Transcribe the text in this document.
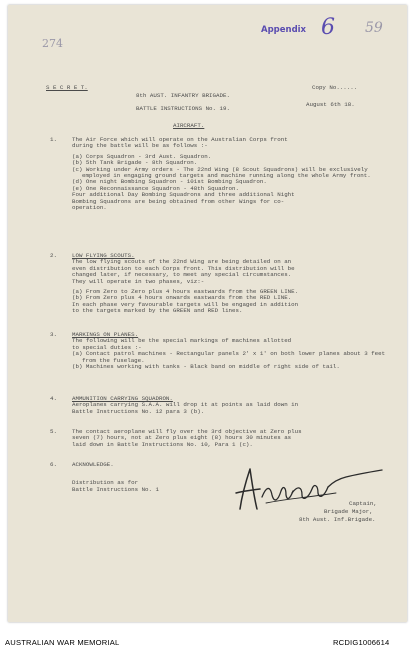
274
Appendix 6 59
S E C R E T.	Copy No......
8th AUST. INFANTRY BRIGADE.
August 6th 18.
BATTLE INSTRUCTIONS No. 19.
AIRCRAFT.
1.	The Air Force which will operate on the Australian Corps front
during the battle will be as follows :-
(a) Corps Squadron - 3rd Aust. Squadron.
(b) 5th Tank Brigade - 8th Squadron.
(c) Working under Army orders - The 22nd Wing (8 Scout Squadrons) will be exclusively employed in engaging ground targets and machine running along the whole Army front.
(d) One night Bombing Squadron - 101st Bombing Squadron.
(e) One Reconnaissance Squadron - 48th Squadron.
Four additional Day Bombing Squadrons and three additional Night
Bombing Squadrons are being obtained from other Wings for co-
operation.
2.	LOW FLYING SCOUTS.
The low flying scouts of the 22nd Wing are being detailed on an
even distribution to each Corps front. This distribution will be
changed later, if necessary, to meet any special circumstances.
They will operate in two phases, viz:-
(a) From Zero to Zero plus 4 hours eastwards from the GREEN LINE.
(b) From Zero plus 4 hours onwards eastwards from the RED LINE.
In each phase very favourable targets will be engaged in addition
to the targets marked by the GREEN and RED lines.
3.	MARKINGS ON PLANES.
The following will be the special markings of machines allotted
to special duties :-
(a) Contact patrol machines - Rectangular panels 2' x 1' on both lower planes about 3 feet from the fuselage.
(b) Machines working with tanks - Black band on middle of right side of tail.
4.	AMMUNITION CARRYING SQUADRON.
Aeroplanes carrying S.A.A. will drop it at points as laid down in
Battle Instructions No. 12 para 3 (b).
5.	The contact aeroplane will fly over the 3rd objective at Zero plus
seven (7) hours, not at Zero plus eight (8) hours 30 minutes as
laid down in Battle Instructions No. 10, Para 1 (c).
6.	ACKNOWLEDGE.
Distribution as for
Battle Instructions No. 1
Captain,
Brigade Major,
8th Aust. Inf.Brigade.
AUSTRALIAN WAR MEMORIAL	RCDIG1006614
